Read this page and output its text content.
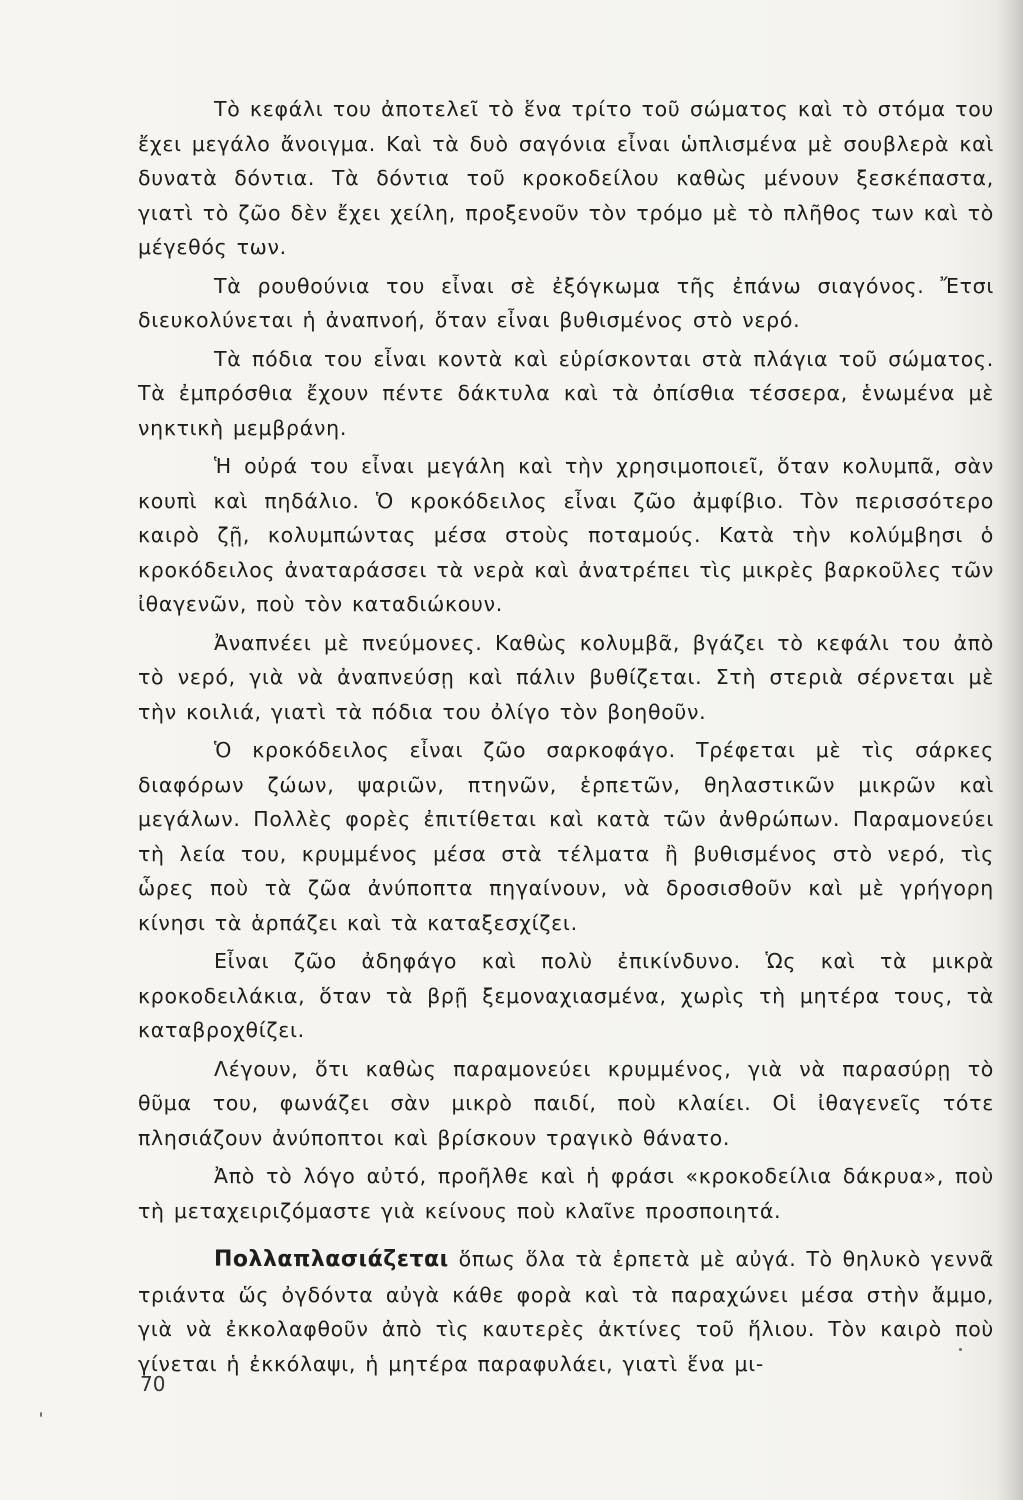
Τὸ κεφάλι του ἀποτελεῖ τὸ ἕνα τρίτο τοῦ σώματος καὶ τὸ στόμα του ἔχει μεγάλο ἄνοιγμα. Καὶ τὰ δυὸ σαγόνια εἶναι ὡπλισμένα μὲ σουβλερὰ καὶ δυνατὰ δόντια. Τὰ δόντια τοῦ κροκοδείλου καθὼς μένουν ξεσκέπαστα, γιατὶ τὸ ζῶο δὲν ἔχει χείλη, προξενοῦν τὸν τρόμο μὲ τὸ πλῆθος των καὶ τὸ μέγεθός των.

Τὰ ρουθούνια του εἶναι σὲ ἐξόγκωμα τῆς ἐπάνω σιαγόνος. Ἔτσι διευκολύνεται ἡ ἀναπνοή, ὅταν εἶναι βυθισμένος στὸ νερό.

Τὰ πόδια του εἶναι κοντὰ καὶ εὑρίσκονται στὰ πλάγια τοῦ σώματος. Τὰ ἐμπρόσθια ἔχουν πέντε δάκτυλα καὶ τὰ ὀπίσθια τέσσερα, ἑνωμένα μὲ νηκτικὴ μεμβράνη.

Ἡ οὐρά του εἶναι μεγάλη καὶ τὴν χρησιμοποιεῖ, ὅταν κολυμπᾶ, σὰν κουπὶ καὶ πηδάλιο. Ὁ κροκόδειλος εἶναι ζῶο ἀμφίβιο. Τὸν περισσότερο καιρὸ ζῇ, κολυμπώντας μέσα στοὺς ποταμούς. Κατὰ τὴν κολύμβησι ὁ κροκόδειλος ἀναταράσσει τὰ νερὰ καὶ ἀνατρέπει τὶς μικρὲς βαρκοῦλες τῶν ἰθαγενῶν, ποὺ τὸν καταδιώκουν.

Ἀναπνέει μὲ πνεύμονες. Καθὼς κολυμβᾶ, βγάζει τὸ κεφάλι του ἀπὸ τὸ νερό, γιὰ νὰ ἀναπνεύσῃ καὶ πάλιν βυθίζεται. Στὴ στεριὰ σέρνεται μὲ τὴν κοιλιά, γιατὶ τὰ πόδια του ὀλίγο τὸν βοηθοῦν.

Ὁ κροκόδειλος εἶναι ζῶο σαρκοφάγο. Τρέφεται μὲ τὶς σάρκες διαφόρων ζώων, ψαριῶν, πτηνῶν, ἑρπετῶν, θηλαστικῶν μικρῶν καὶ μεγάλων. Πολλὲς φορὲς ἐπιτίθεται καὶ κατὰ τῶν ἀνθρώπων. Παραμονεύει τὴ λεία του, κρυμμένος μέσα στὰ τέλματα ἢ βυθισμένος στὸ νερό, τὶς ὧρες ποὺ τὰ ζῶα ἀνύποπτα πηγαίνουν, νὰ δροσισθοῦν καὶ μὲ γρήγορη κίνησι τὰ ἁρπάζει καὶ τὰ καταξεσχίζει.

Εἶναι ζῶο ἀδηφάγο καὶ πολὺ ἐπικίνδυνο. Ὡς καὶ τὰ μικρὰ κροκοδειλάκια, ὅταν τὰ βρῇ ξεμοναχιασμένα, χωρὶς τὴ μητέρα τους, τὰ καταβροχθίζει.

Λέγουν, ὅτι καθὼς παραμονεύει κρυμμένος, γιὰ νὰ παρασύρῃ τὸ θῦμα του, φωνάζει σὰν μικρὸ παιδί, ποὺ κλαίει. Οἱ ἰθαγενεῖς τότε πλησιάζουν ἀνύποπτοι καὶ βρίσκουν τραγικὸ θάνατο.

Ἀπὸ τὸ λόγο αὐτό, προῆλθε καὶ ἡ φράσι «κροκοδείλια δάκρυα», ποὺ τὴ μεταχειριζόμαστε γιὰ κείνους ποὺ κλαῖνε προσποιητά.

Πολλαπλασιάζεται ὅπως ὅλα τὰ ἑρπετὰ μὲ αὐγά. Τὸ θηλυκὸ γεννᾶ τριάντα ὥς ὀγδόντα αὐγὰ κάθε φορὰ καὶ τὰ παραχώνει μέσα στὴν ἄμμο, γιὰ νὰ ἐκκολαφθοῦν ἀπὸ τὶς καυτερὲς ἀκτίνες τοῦ ἥλιου. Τὸν καιρὸ ποὺ γίνεται ἡ ἐκκόλαψι, ἡ μητέρα παραφυλάει, γιατὶ ἕνα μι-

70
